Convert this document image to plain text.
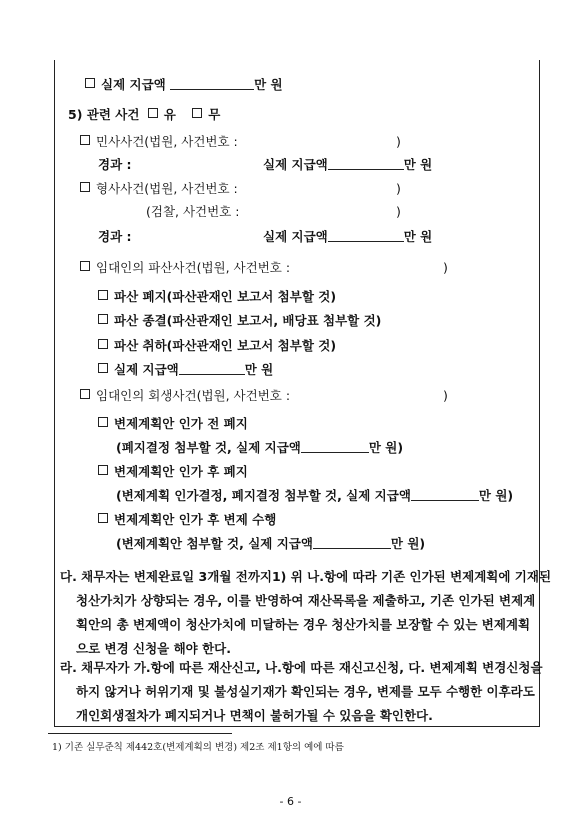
실제 지급액	만 원
5) 관련 사건 유	무
민사사건(법원, 사건번호 :	)
경과 :	실제 지급액	만 원
형사사건(법원, 사건번호 :	)
(검찰, 사건번호 :	)
경과 :	실제 지급액	만 원
임대인의 파산사건(법원, 사건번호 :	)
파산 폐지(파산관재인 보고서 첨부할 것)
파산 종결(파산관재인 보고서, 배당표 첨부할 것)
파산 취하(파산관재인 보고서 첨부할 것)
실제 지급액	만 원
임대인의 회생사건(법원, 사건번호 :	)
변제계획안 인가 전 폐지
(폐지결정 첨부할 것, 실제 지급액	만 원)
변제계획안 인가 후 폐지
(변제계획 인가결정, 폐지결정 첨부할 것, 실제 지급액	만 원)
변제계획안 인가 후 변제 수행
(변제계획안 첨부할 것, 실제 지급액	만 원)
다. 채무자는 변제완료일 3개월 전까지1) 위 나.항에 따라 기존 인가된 변제계획에 기재된
청산가치가 상향되는 경우, 이를 반영하여 재산목록을 제출하고, 기존 인가된 변제계
획안의 총 변제액이 청산가치에 미달하는 경우 청산가치를 보장할 수 있는 변제계획
으로 변경 신청을 해야 한다.
라. 채무자가 가.항에 따른 재산신고, 나.항에 따른 재신고신청, 다. 변제계획 변경신청을
하지 않거나 허위기재 및 불성실기재가 확인되는 경우, 변제를 모두 수행한 이후라도
개인회생절차가 폐지되거나 면책이 불허가될 수 있음을 확인한다.
1) 기존 실무준칙 제442호(변제계획의 변경) 제2조 제1항의 예에 따름
- 6 -
